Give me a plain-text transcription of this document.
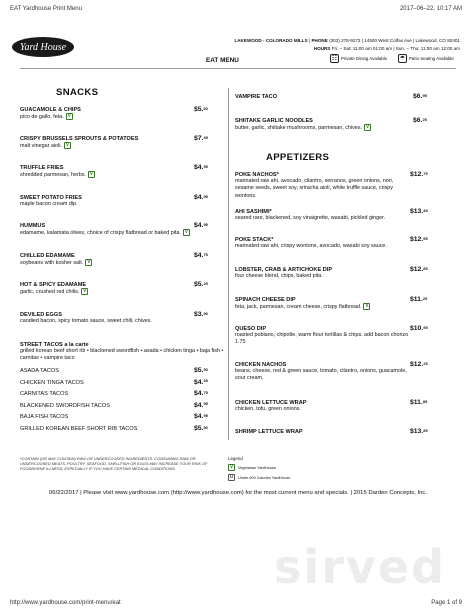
EAT Yardhouse Print Menu	2017–06–22, 10:17 AM
Yard House
LAKEWOOD - COLORADO MILLS | PHONE (303) 278-9273 | 14500 West Colfax Ave | Lakewood, CO 80401
HOURS Fri. – Sat: 11:00 am 01:00 am | Sun. – Thu: 11:00 am 12:00 am
EAT MENU	☷ Private Dining Available ☂ Patio Seating Available
SNACKS
GUACAMOLE & CHIPS
pico de gallo, feta. V
$5.60
CRISPY BRUSSELS SPROUTS & POTATOES
malt vinegar aioli. V
$7.45
TRUFFLE FRIES
shredded parmesan, herbs. V
$4.95
SWEET POTATO FRIES
maple bacon cream dip.
$4.95
HUMMUS
edamame, kalamata olives, choice of crispy flatbread or baked pita. V
$4.95
CHILLED EDAMAME
soybeans with kosher salt. V
$4.75
HOT & SPICY EDAMAME
garlic, crushed red chilis. V
$5.25
DEVILED EGGS
candied bacon, spicy tomato sauce, sweet chili, chives.
$3.90
STREET TACOS a la carte
grilled korean beef short rib • blackened swordfish • asada • chicken tinga • baja fish • carnitas • vampire taco
ASADA TACOS	$5.50
CHICKEN TINGA TACOS	$4.25
CARNITAS TACOS	$4.75
BLACKENED SWORDFISH TACOS	$4.95
BAJA FISH TACOS	$4.95
GRILLED KOREAN BEEF SHORT RIB TACOS	$5.50
VAMPIRE TACO	$6.95
SHIITAKE GARLIC NOODLES
butter, garlic, shiitake mushrooms, parmesan, chives. V
$6.25
APPETIZERS
POKE NACHOS*
marinated raw ahi, avocado, cilantro, serranos, green onions, nori, sesame seeds, sweet soy, sriracha aioli, white truffle sauce, crispy wontons.
$12.75
AHI SASHIMI*
seared rare, blackened, soy vinaigrette, wasabi, pickled ginger.
$13.45
POKE STACK*
marinated raw ahi, crispy wontons, avocado, wasabi soy sauce.
$12.95
LOBSTER, CRAB & ARTICHOKE DIP
four cheese blend, chips, baked pita.
$12.85
SPINACH CHEESE DIP
feta, jack, parmesan, cream cheese, crispy flatbread. V
$11.25
QUESO DIP
roasted poblano, chipotle, warm flour tortillas & chips. add bacon chorizo 1.75
$10.95
CHICKEN NACHOS
beans, cheese, red & green sauce, tomato, cilantro, onions, guacamole, sour cream.
$12.25
CHICKEN LETTUCE WRAP
chicken, tofu, green onions.
$11.85
SHRIMP LETTUCE WRAP	$13.85
*CONTAIN (OR MAY CONTAIN) RAW OR UNDERCOOKED INGREDIENTS. CONSUMING RAW OR UNDERCOOKED MEATS, POULTRY, SEAFOOD, SHELLFISH OR EGGS MAY INCREASE YOUR RISK OF FOODBORNE ILLNESS, ESPECIALLY IF YOU HAVE CERTAIN MEDICAL CONDITIONS.
Legend
V	Vegetarian YardHouse
U	Under 600 Calories YardHouse
06/22/2017 | Please visit www.yardhouse.com (http://www.yardhouse.com) for the most current menu and specials. | 2015 Darden Concepts, Inc.
sirved
http://www.yardhouse.com/print-menu/eat	Page 1 of 9
